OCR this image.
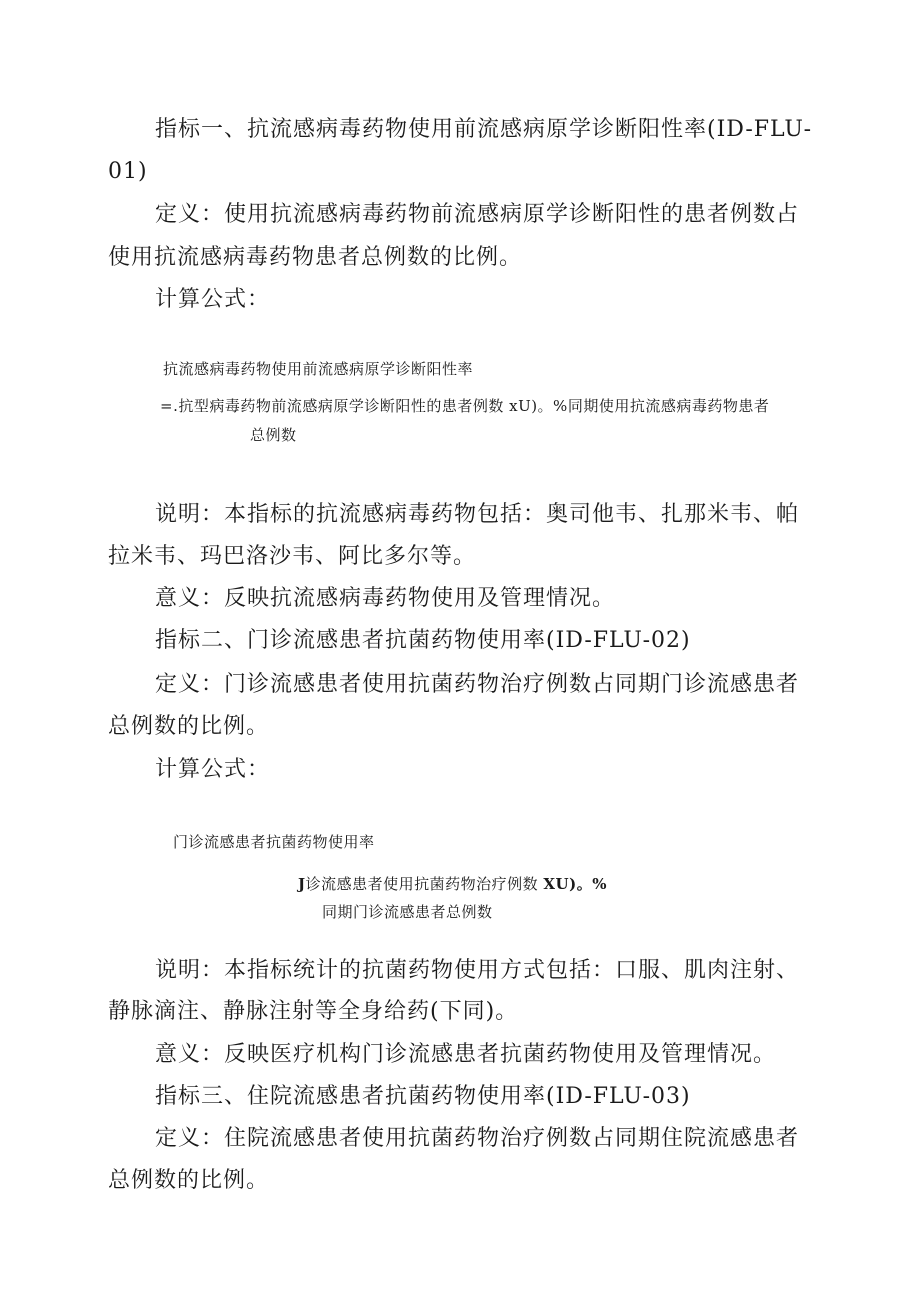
指标一、抗流感病毒药物使用前流感病原学诊断阳性率(ID-FLU-
01)
定义：使用抗流感病毒药物前流感病原学诊断阳性的患者例数占
使用抗流感病毒药物患者总例数的比例。
计算公式：
抗流感病毒药物使用前流感病原学诊断阳性率
=.抗型病毒药物前流感病原学诊断阳性的患者例数 xU)。%同期使用抗流感病毒药物患者
总例数
说明：本指标的抗流感病毒药物包括：奥司他韦、扎那米韦、帕
拉米韦、玛巴洛沙韦、阿比多尔等。
意义：反映抗流感病毒药物使用及管理情况。
指标二、门诊流感患者抗菌药物使用率(ID-FLU-02)
定义：门诊流感患者使用抗菌药物治疗例数占同期门诊流感患者
总例数的比例。
计算公式：
门诊流感患者抗菌药物使用率
J诊流感患者使用抗菌药物治疗例数 XU)。%
同期门诊流感患者总例数
说明：本指标统计的抗菌药物使用方式包括：口服、肌肉注射、
静脉滴注、静脉注射等全身给药(下同)。
意义：反映医疗机构门诊流感患者抗菌药物使用及管理情况。
指标三、住院流感患者抗菌药物使用率(ID-FLU-03)
定义：住院流感患者使用抗菌药物治疗例数占同期住院流感患者
总例数的比例。
